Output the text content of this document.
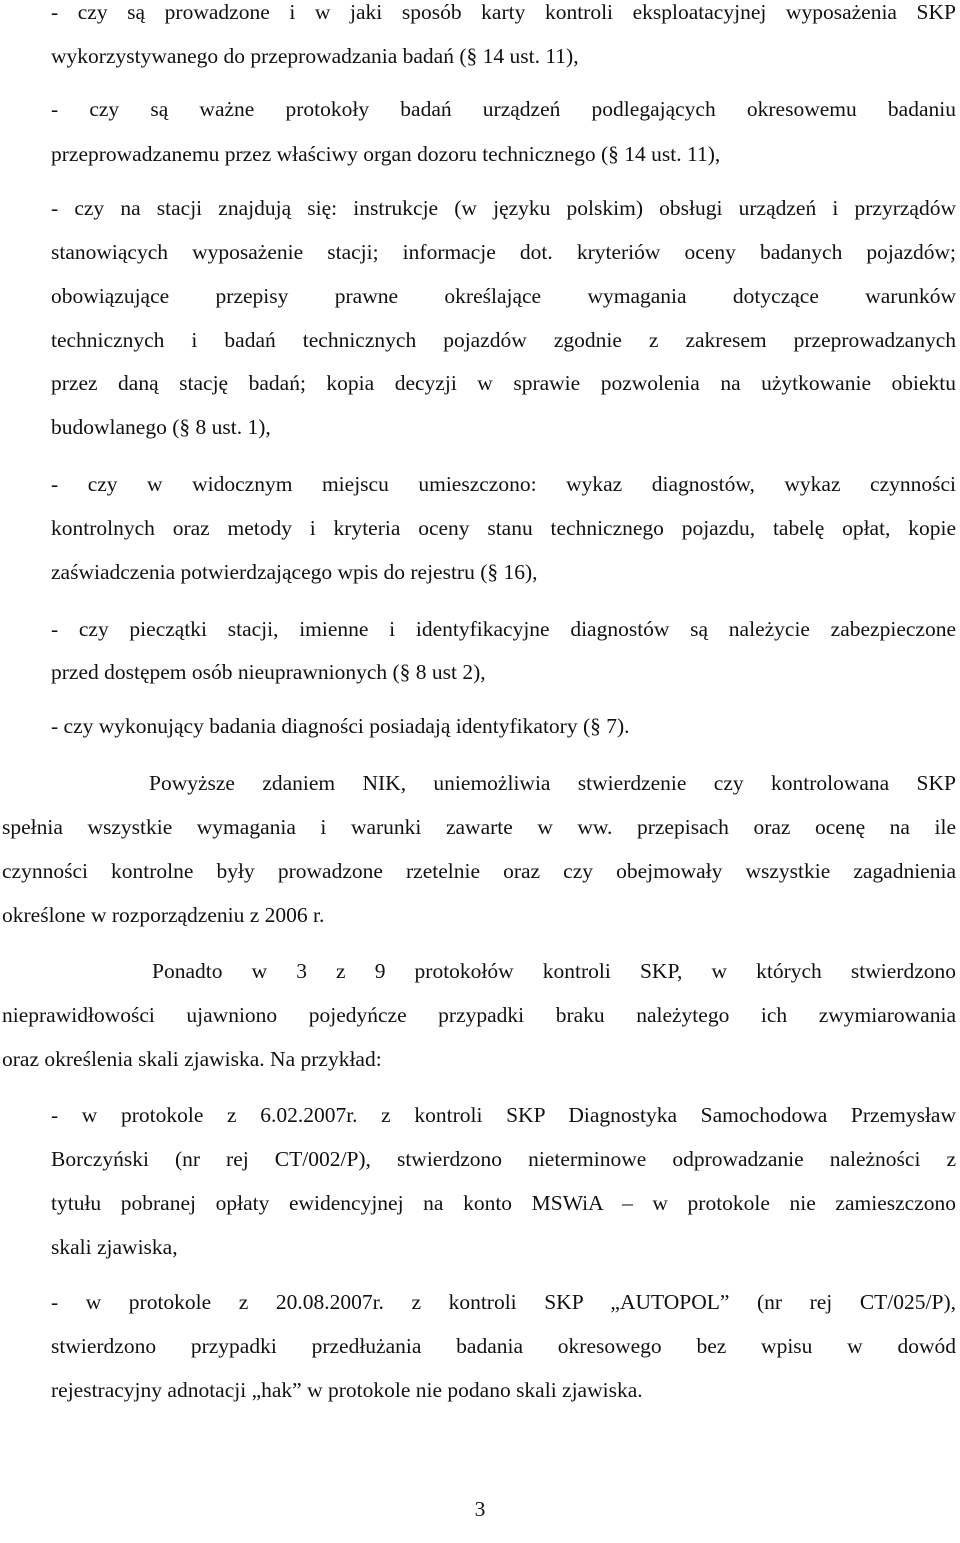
- czy są prowadzone i w jaki sposób karty kontroli eksploatacyjnej wyposażenia SKP
wykorzystywanego do przeprowadzania badań (§ 14 ust. 11),
- czy są ważne protokoły badań urządzeń podlegających okresowemu badaniu
przeprowadzanemu przez właściwy organ dozoru technicznego (§ 14 ust. 11),
- czy na stacji znajdują się: instrukcje (w języku polskim) obsługi urządzeń i przyrządów
stanowiących wyposażenie stacji; informacje dot. kryteriów oceny badanych pojazdów;
obowiązujące przepisy prawne określające wymagania dotyczące warunków
technicznych i badań technicznych pojazdów zgodnie z zakresem przeprowadzanych
przez daną stację badań; kopia decyzji w sprawie pozwolenia na użytkowanie obiektu
budowlanego (§ 8 ust. 1),
- czy w widocznym miejscu umieszczono: wykaz diagnostów, wykaz czynności
kontrolnych oraz metody i kryteria oceny stanu technicznego pojazdu, tabelę opłat, kopie
zaświadczenia potwierdzającego wpis do rejestru (§ 16),
- czy pieczątki stacji, imienne i identyfikacyjne diagnostów są należycie zabezpieczone
przed dostępem osób nieuprawnionych (§ 8 ust 2),
- czy wykonujący badania diagności posiadają identyfikatory (§ 7).
Powyższe zdaniem NIK, uniemożliwia stwierdzenie czy kontrolowana SKP
spełnia wszystkie wymagania i warunki zawarte w ww. przepisach oraz ocenę na ile
czynności kontrolne były prowadzone rzetelnie oraz czy obejmowały wszystkie zagadnienia
określone w rozporządzeniu z 2006 r.
Ponadto w 3 z 9 protokołów kontroli SKP, w których stwierdzono
nieprawidłowości ujawniono pojedyńcze przypadki braku należytego ich zwymiarowania
oraz określenia skali zjawiska. Na przykład:
- w protokole z 6.02.2007r. z kontroli SKP Diagnostyka Samochodowa Przemysław
Borczyński (nr rej CT/002/P), stwierdzono nieterminowe odprowadzanie należności z
tytułu pobranej opłaty ewidencyjnej na konto MSWiA – w protokole nie zamieszczono
skali zjawiska,
- w protokole z 20.08.2007r. z kontroli SKP „AUTOPOL” (nr rej CT/025/P),
stwierdzono przypadki przedłużania badania okresowego bez wpisu w dowód
rejestracyjny adnotacji „hak” w protokole nie podano skali zjawiska.
3
